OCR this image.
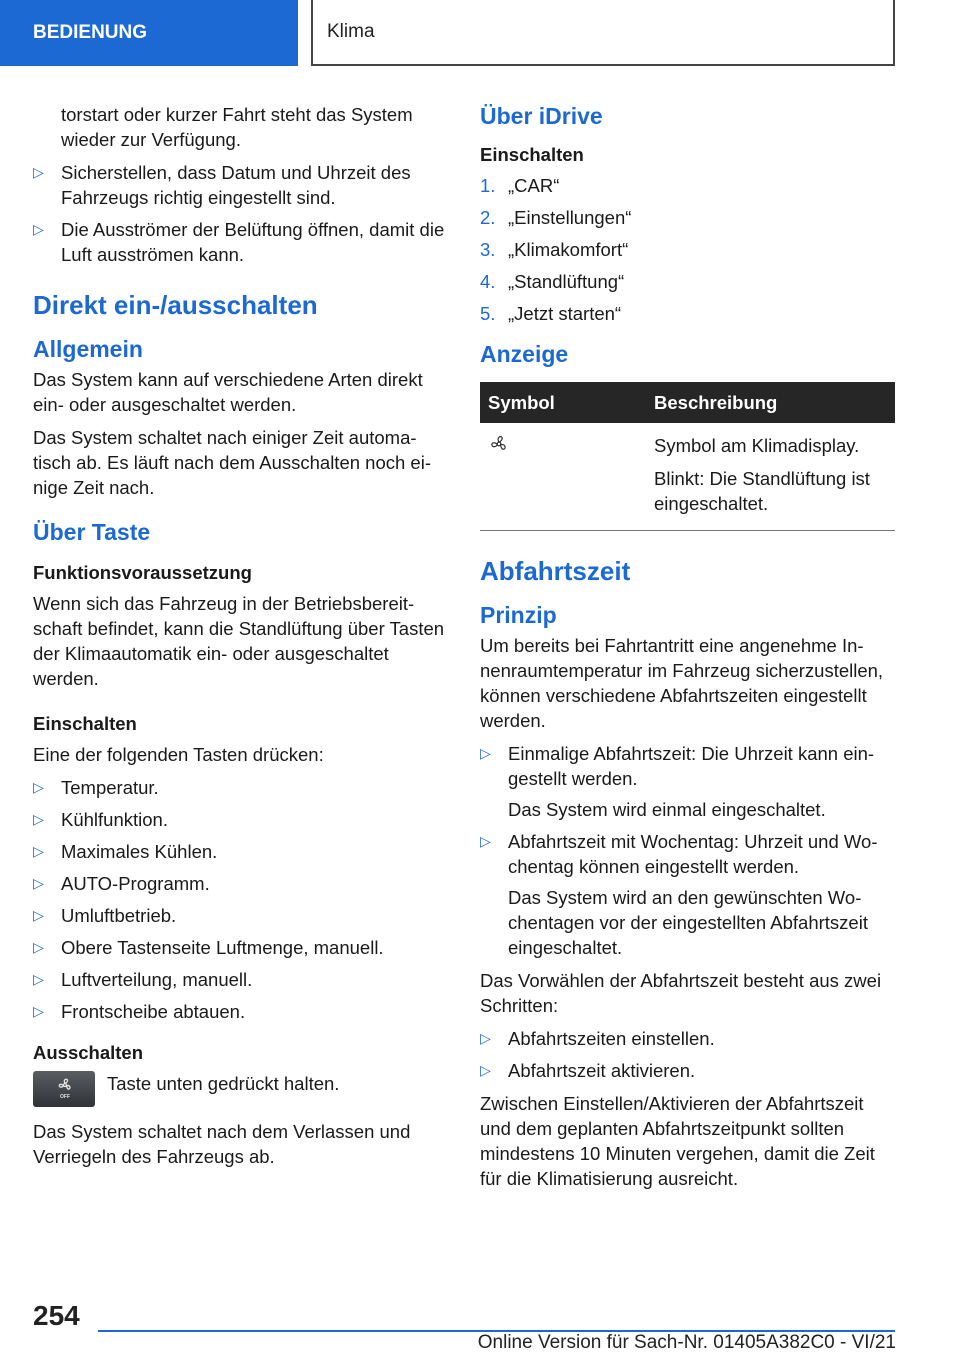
BEDIENUNG	Klima

torstart oder kurzer Fahrt steht das System wieder zur Verfügung.

▷ Sicherstellen, dass Datum und Uhrzeit des Fahrzeugs richtig eingestellt sind.
▷ Die Ausströmer der Belüftung öffnen, damit die Luft ausströmen kann.
Direkt ein-/ausschalten
Allgemein

Das System kann auf verschiedene Arten direkt ein- oder ausgeschaltet werden.

Das System schaltet nach einiger Zeit automatisch ab. Es läuft nach dem Ausschalten noch einige Zeit nach.

Über Taste
Funktionsvoraussetzung

Wenn sich das Fahrzeug in der Betriebsbereitschaft befindet, kann die Standlüftung über Tasten der Klimaautomatik ein- oder ausgeschaltet werden.

Einschalten

Eine der folgenden Tasten drücken:

▷ Temperatur.
▷ Kühlfunktion.
▷ Maximales Kühlen.
▷ AUTO-Programm.
▷ Umluftbetrieb.
▷ Obere Tastenseite Luftmenge, manuell.
▷ Luftverteilung, manuell.
▷ Frontscheibe abtauen.
Ausschalten
OFF

Taste unten gedrückt halten.

Das System schaltet nach dem Verlassen und Verriegeln des Fahrzeugs ab.

Über iDrive
Einschalten
1. „CAR“
2. „Einstellungen“
3. „Klimakomfort“
4. „Standlüftung“
5. „Jetzt starten“
Anzeige
Symbol	Beschreibung

Symbol am Klimadisplay.

Blinkt: Die Standlüftung ist eingeschaltet.

Abfahrtszeit
Prinzip

Um bereits bei Fahrtantritt eine angenehme Innenraumtemperatur im Fahrzeug sicherzustellen, können verschiedene Abfahrtszeiten eingestellt werden.

▷ Einmalige Abfahrtszeit: Die Uhrzeit kann eingestellt werden.
Das System wird einmal eingeschaltet.
▷ Abfahrtszeit mit Wochentag: Uhrzeit und Wochentag können eingestellt werden.
Das System wird an den gewünschten Wochentagen vor der eingestellten Abfahrtszeit eingeschaltet.

Das Vorwählen der Abfahrtszeit besteht aus zwei Schritten:

▷ Abfahrtszeiten einstellen.
▷ Abfahrtszeit aktivieren.

Zwischen Einstellen/Aktivieren der Abfahrtszeit und dem geplanten Abfahrtszeitpunkt sollten mindestens 10 Minuten vergehen, damit die Zeit für die Klimatisierung ausreicht.

254
Online Version für Sach-Nr. 01405A382C0 - VI/21
